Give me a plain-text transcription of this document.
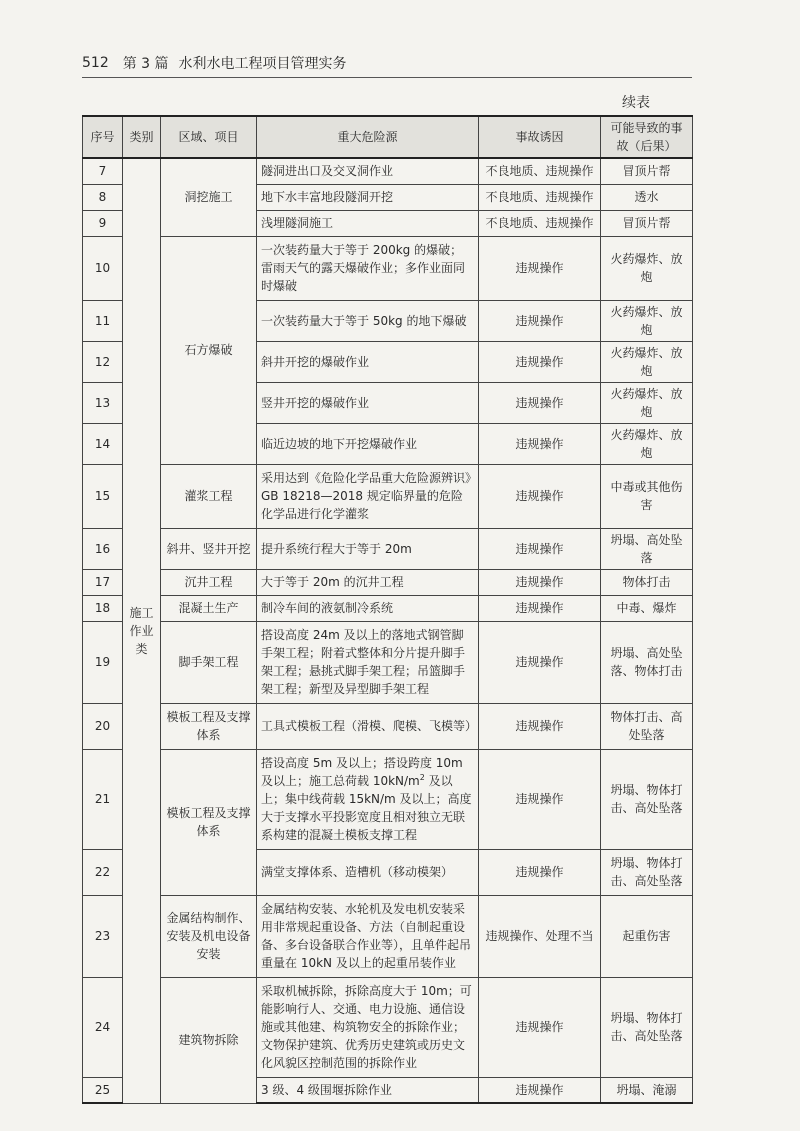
512 第 3 篇 水利水电工程项目管理实务
续表
序号	类别	区域、项目	重大危险源	事故诱因	可能导致的事故（后果）
7	施工作业类	洞挖施工	隧洞进出口及交叉洞作业	不良地质、违规操作	冒顶片帮
8			地下水丰富地段隧洞开挖	不良地质、违规操作	透水
9			浅埋隧洞施工	不良地质、违规操作	冒顶片帮
10		石方爆破	一次装药量大于等于 200kg 的爆破；雷雨天气的露天爆破作业；多作业面同时爆破	违规操作	火药爆炸、放炮
11			一次装药量大于等于 50kg 的地下爆破	违规操作	火药爆炸、放炮
12			斜井开挖的爆破作业	违规操作	火药爆炸、放炮
13			竖井开挖的爆破作业	违规操作	火药爆炸、放炮
14			临近边坡的地下开挖爆破作业	违规操作	火药爆炸、放炮
15		灌浆工程	采用达到《危险化学品重大危险源辨识》GB 18218—2018 规定临界量的危险化学品进行化学灌浆	违规操作	中毒或其他伤害
16		斜井、竖井开挖	提升系统行程大于等于 20m	违规操作	坍塌、高处坠落
17		沉井工程	大于等于 20m 的沉井工程	违规操作	物体打击
18		混凝土生产	制冷车间的液氨制冷系统	违规操作	中毒、爆炸
19		脚手架工程	搭设高度 24m 及以上的落地式钢管脚手架工程；附着式整体和分片提升脚手架工程；悬挑式脚手架工程；吊篮脚手架工程；新型及异型脚手架工程	违规操作	坍塌、高处坠落、物体打击
20		模板工程及支撑体系	工具式模板工程（滑模、爬模、飞模等）	违规操作	物体打击、高处坠落
21		模板工程及支撑体系	搭设高度 5m 及以上；搭设跨度 10m 及以上；施工总荷载 $10kN/m^2$ 及以上；集中线荷载 15kN/m 及以上；高度大于支撑水平投影宽度且相对独立无联系构建的混凝土模板支撑工程	违规操作	坍塌、物体打击、高处坠落
22			满堂支撑体系、造槽机（移动模架）	违规操作	坍塌、物体打击、高处坠落
23		金属结构制作、安装及机电设备安装	金属结构安装、水轮机及发电机安装采用非常规起重设备、方法（自制起重设备、多台设备联合作业等），且单件起吊重量在 10kN 及以上的起重吊装作业	违规操作、处理不当	起重伤害
24		建筑物拆除	采取机械拆除，拆除高度大于 10m；可能影响行人、交通、电力设施、通信设施或其他建、构筑物安全的拆除作业；文物保护建筑、优秀历史建筑或历史文化风貌区控制范围的拆除作业	违规操作	坍塌、物体打击、高处坠落
25			3 级、4 级围堰拆除作业	违规操作	坍塌、淹溺
